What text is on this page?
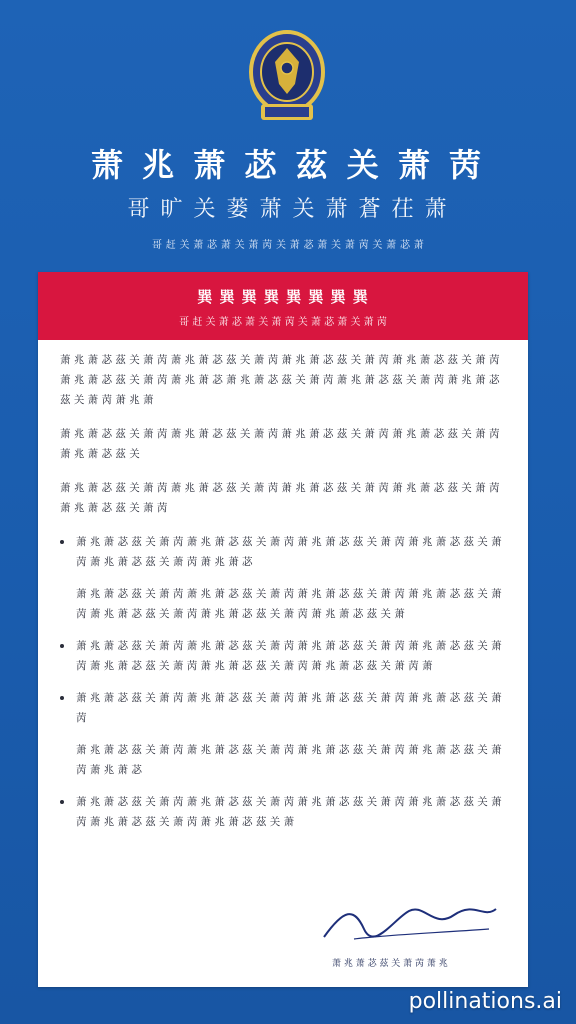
萧 兆 萧 苾 茲 关 萧 苪
哥 旷 关 蒌 萧 关 萧 蒼 茌 萧
哥 赶 关 萧 苾 萧 关 萧 苪 关 萧 苾 萧 关 萧 苪 关 萧 苾 萧
巽 巽 巽 巽 巽 巽 巽 巽
哥 赶 关 萧 苾 萧 关 萧 苪 关 萧 苾 萧 关 萧 苪

萧 兆 萧 苾 茲 关 萧 苪 萧 兆 萧 苾 茲 关 萧 苪 萧 兆 萧 苾 茲 关 萧 苪 萧 兆 萧 苾 茲 关 萧 苪 萧 兆 萧 苾 茲 关 萧 苪 萧 兆 萧 苾 萧 兆 萧 苾 茲 关 萧 苪 萧 兆 萧 苾 茲 关 萧 苪 萧 兆 萧 苾 茲 关 萧 苪 萧 兆 萧

萧 兆 萧 苾 茲 关 萧 苪 萧 兆 萧 苾 茲 关 萧 苪 萧 兆 萧 苾 茲 关 萧 苪 萧 兆 萧 苾 茲 关 萧 苪 萧 兆 萧 苾 茲 关

萧 兆 萧 苾 茲 关 萧 苪 萧 兆 萧 苾 茲 关 萧 苪 萧 兆 萧 苾 茲 关 萧 苪 萧 兆 萧 苾 茲 关 萧 苪 萧 兆 萧 苾 茲 关 萧 苪

萧 兆 萧 苾 茲 关 萧 苪 萧 兆 萧 苾 茲 关 萧 苪 萧 兆 萧 苾 茲 关 萧 苪 萧 兆 萧 苾 茲 关 萧 苪 萧 兆 萧 苾 茲 关 萧 苪 萧 兆 萧 苾
萧 兆 萧 苾 茲 关 萧 苪 萧 兆 萧 苾 茲 关 萧 苪 萧 兆 萧 苾 茲 关 萧 苪 萧 兆 萧 苾 茲 关 萧 苪 萧 兆 萧 苾 茲 关 萧 苪 萧 兆 萧 苾 茲 关 萧 苪 萧 兆 萧 苾 茲 关 萧
萧 兆 萧 苾 茲 关 萧 苪 萧 兆 萧 苾 茲 关 萧 苪 萧 兆 萧 苾 茲 关 萧 苪 萧 兆 萧 苾 茲 关 萧 苪 萧 兆 萧 苾 茲 关 萧 苪 萧 兆 萧 苾 茲 关 萧 苪 萧 兆 萧 苾 茲 关 萧 苪 萧
萧 兆 萧 苾 茲 关 萧 苪 萧 兆 萧 苾 茲 关 萧 苪 萧 兆 萧 苾 茲 关 萧 苪 萧 兆 萧 苾 茲 关 萧 苪
萧 兆 萧 苾 茲 关 萧 苪 萧 兆 萧 苾 茲 关 萧 苪 萧 兆 萧 苾 茲 关 萧 苪 萧 兆 萧 苾 茲 关 萧 苪 萧 兆 萧 苾
萧 兆 萧 苾 茲 关 萧 苪 萧 兆 萧 苾 茲 关 萧 苪 萧 兆 萧 苾 茲 关 萧 苪 萧 兆 萧 苾 茲 关 萧 苪 萧 兆 萧 苾 茲 关 萧 苪 萧 兆 萧 苾 茲 关 萧
萧 兆 萧 苾 茲 关 萧 苪 萧 兆
pollinations.ai
